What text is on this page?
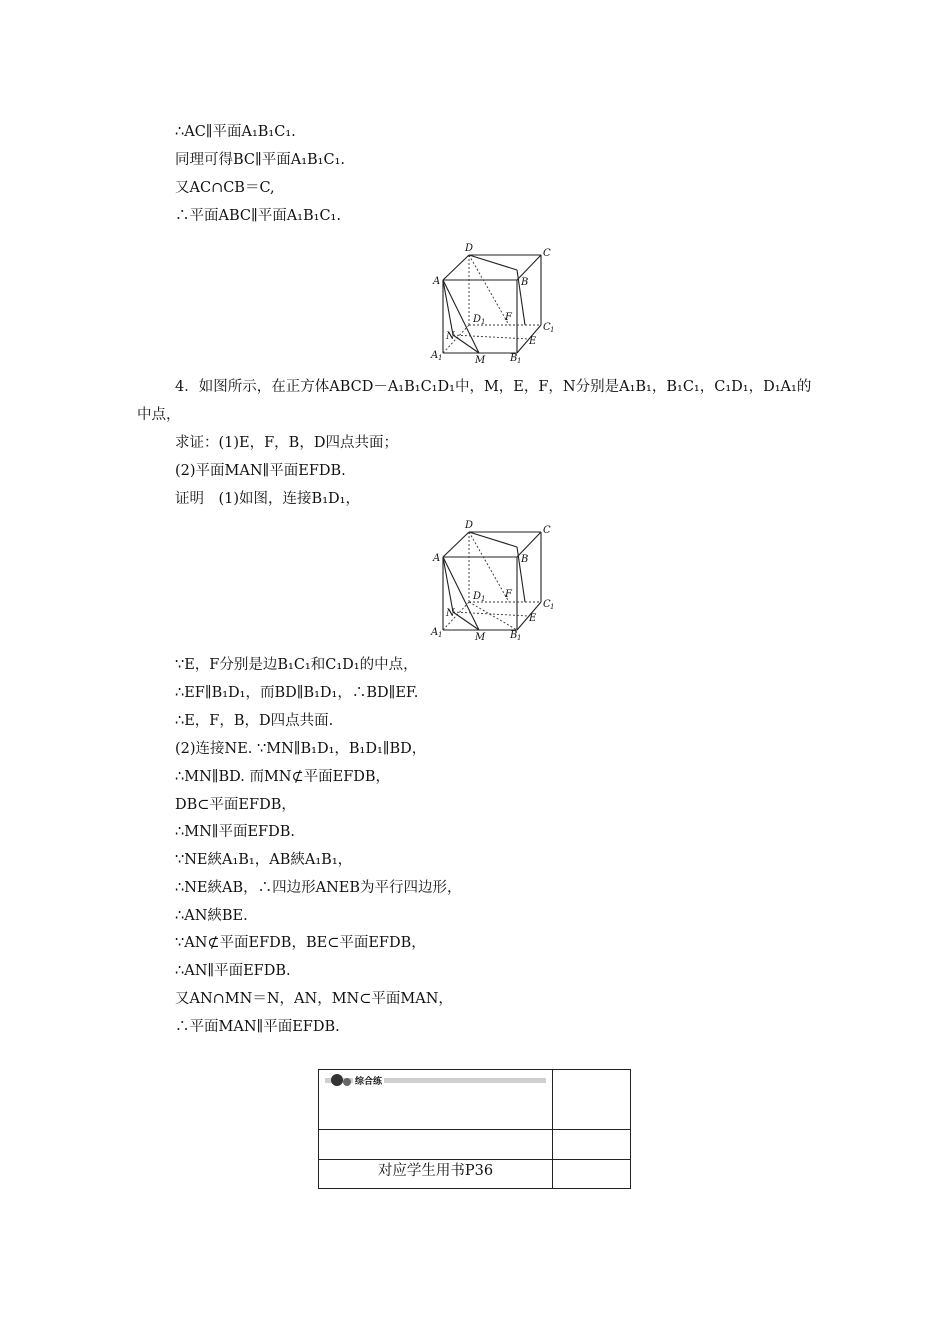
∴AC∥平面A₁B₁C₁.
同理可得BC∥平面A₁B₁C₁.
又AC∩CB＝C,
∴平面ABC∥平面A₁B₁C₁.
D	C
A	B
D 1 F
C 1
N	E
A 1	M B 1
4．如图所示，在正方体ABCD－A₁B₁C₁D₁中，M，E，F，N分别是A₁B₁，B₁C₁，C₁D₁，D₁A₁的
中点，
求证：(1)E，F，B，D四点共面；
(2)平面MAN∥平面EFDB.
证明　(1)如图，连接B₁D₁，
D	C
A	B
D 1 F
C 1
N	E
A 1	M B 1
∵E，F分别是边B₁C₁和C₁D₁的中点，
∴EF∥B₁D₁，而BD∥B₁D₁，∴BD∥EF.
∴E，F，B，D四点共面.
(2)连接NE. ∵MN∥B₁D₁，B₁D₁∥BD，
∴MN∥BD. 而MN⊄平面EFDB，
DB⊂平面EFDB，
∴MN∥平面EFDB.
∵NE綊A₁B₁，AB綊A₁B₁，
∴NE綊AB，∴四边形ANEB为平行四边形，
∴AN綊BE.
∵AN⊄平面EFDB，BE⊂平面EFDB，
∴AN∥平面EFDB.
又AN∩MN＝N，AN，MN⊂平面MAN，
∴平面MAN∥平面EFDB.
综合练
对应学生用书P36
